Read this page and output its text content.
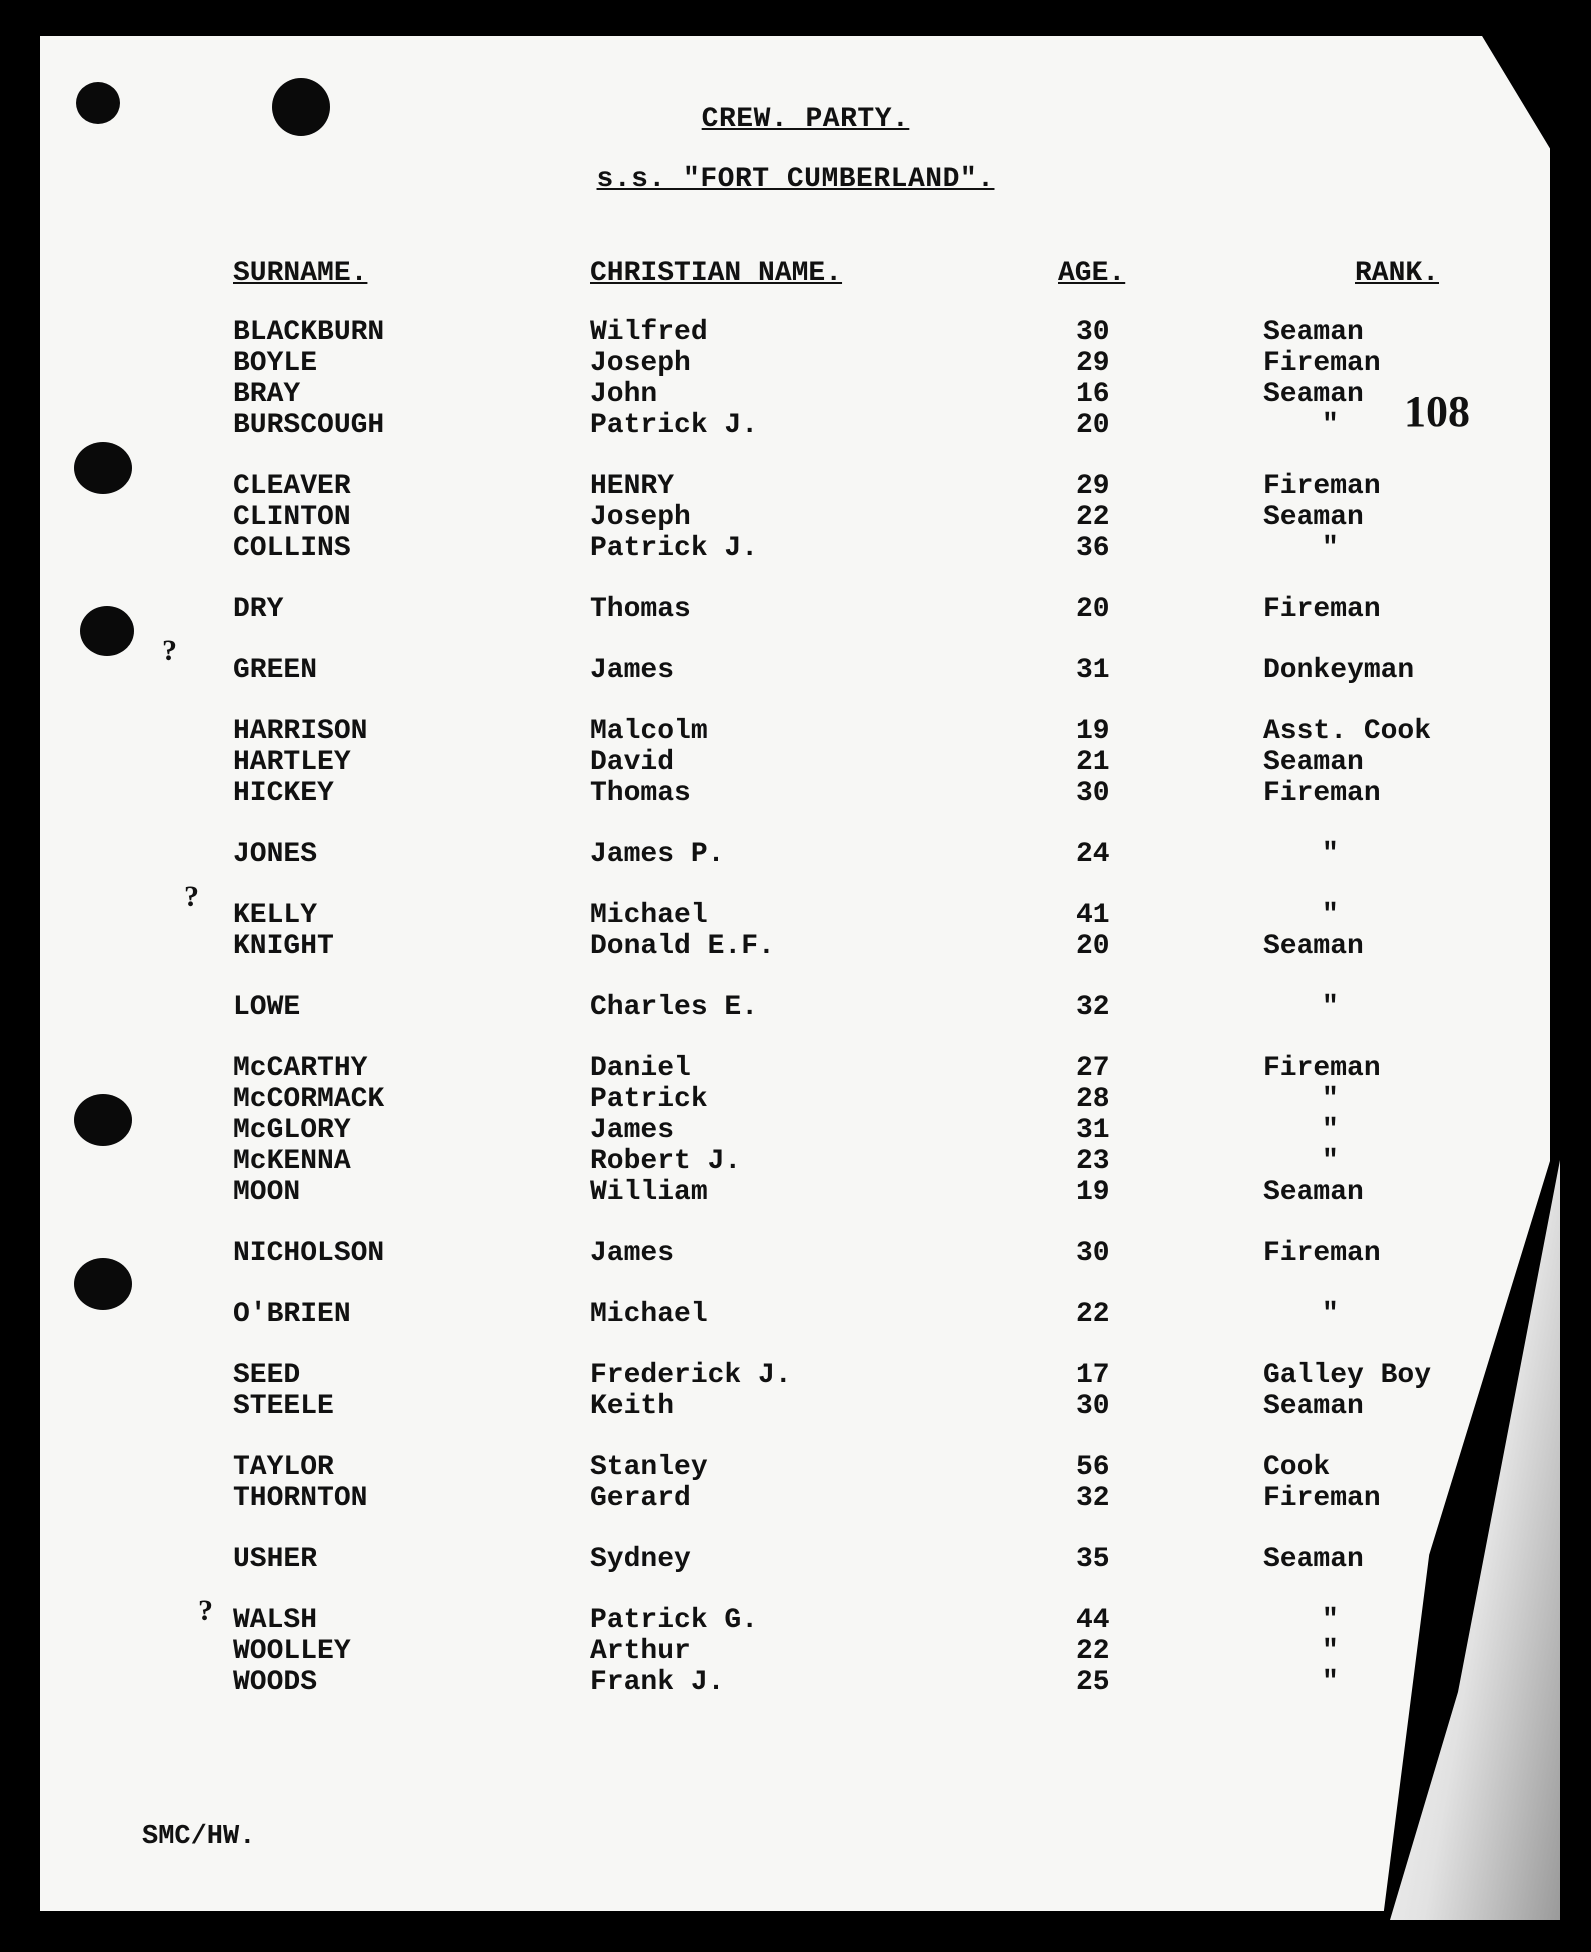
CREW. PARTY.
s.s. "FORT CUMBERLAND".
108
SURNAME.	CHRISTIAN NAME.	AGE.	RANK.
BLACKBURN	Wilfred	30	Seaman
BOYLE	Joseph	29	Fireman
BRAY	John	16	Seaman
BURSCOUGH	Patrick J.	20	"
CLEAVER	HENRY	29	Fireman
CLINTON	Joseph	22	Seaman
COLLINS	Patrick J.	36	"
DRY	Thomas	20	Fireman
GREEN	James	31	Donkeyman
HARRISON	Malcolm	19	Asst. Cook
HARTLEY	David	21	Seaman
HICKEY	Thomas	30	Fireman
JONES	James P.	24	"
KELLY	Michael	41	"
KNIGHT	Donald E.F.	20	Seaman
LOWE	Charles E.	32	"
McCARTHY	Daniel	27	Fireman
McCORMACK	Patrick	28	"
McGLORY	James	31	"
McKENNA	Robert J.	23	"
MOON	William	19	Seaman
NICHOLSON	James	30	Fireman
O'BRIEN	Michael	22	"
SEED	Frederick J.	17	Galley Boy
STEELE	Keith	30	Seaman
TAYLOR	Stanley	56	Cook
THORNTON	Gerard	32	Fireman
USHER	Sydney	35	Seaman
WALSH	Patrick G.	44	"
WOOLLEY	Arthur	22	"
WOODS	Frank J.	25	"
?
?
?
SMC/HW.
